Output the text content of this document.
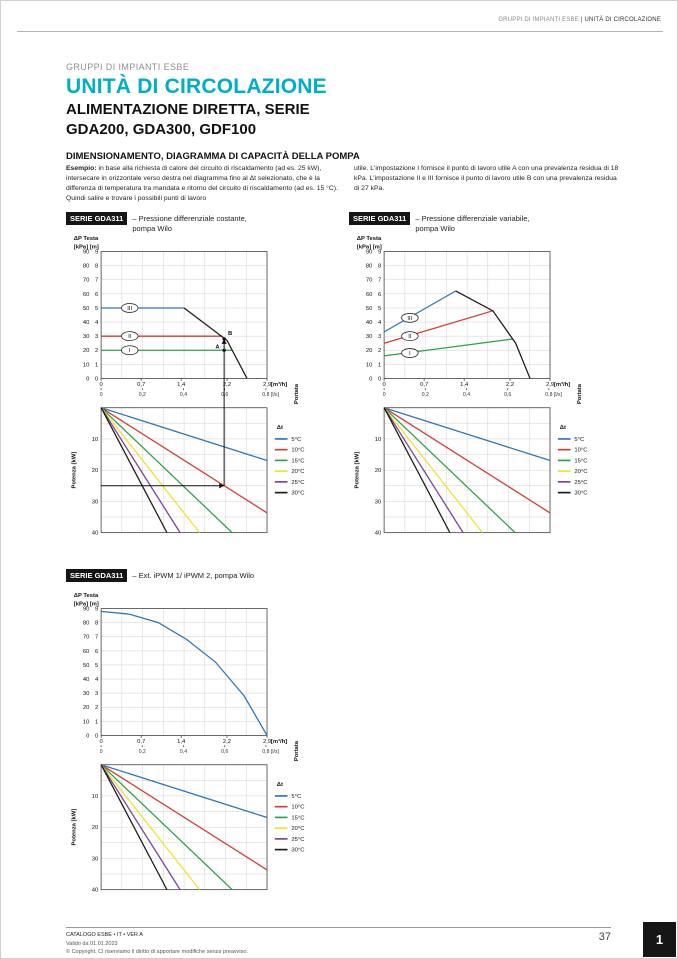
GRUPPI DI IMPIANTI ESBE | UNITÀ DI CIRCOLAZIONE
GRUPPI DI IMPIANTI ESBE
UNITÀ DI CIRCOLAZIONE
ALIMENTAZIONE DIRETTA, SERIE
GDA200, GDA300, GDF100
DIMENSIONAMENTO, DIAGRAMMA DI CAPACITÀ DELLA POMPA
Esempio: in base alla richiesta di calore del circuito di riscaldamento (ad es. 25 kW), intersecare in orizzontale verso destra nel diagramma fino al Δt selezionato, che è la differenza di temperatura tra mandata e ritorno del circuito di riscaldamento (ad es. 15 °C). Quindi salire e trovare i possibili punti di lavoro
utile. L'impostazione I fornisce il punto di lavoro utile A con una prevalenza residua di 18 kPa. L'impostazione II e III fornisce il punto di lavoro utile B con una prevalenza residua di 27 kPa.
SERIE GDA311	– Pressione differenziale costante,
pompa Wilo
ΔP Testa
[kPa] [m]
90
80
70
60
50
40
30
20
10
0
9
8
7
6
5
4
3
2
1
0
0	0,7	1,4	2,2	2,9 [m³/h]
0	0,2	0,4	0,6	0,8 [l/s]	Portata
III
II
I
10
20
30
40
Potenza [kW]
Δt
5°C
10°C
15°C
20°C
25°C
30°C
A
B
SERIE GDA311	– Pressione differenziale variabile,
pompa Wilo
ΔP Testa
[kPa] [m]
90
80
70
60
50
40
30
20
10
0
9
8
7
6
5
4
3
2
1
0
0	0,7	1,4	2,2	2,9 [m³/h]
0	0,2	0,4	0,6	0,8 [l/s]	Portata
III
II
I
10
20
30
40
Potenza [kW]
Δt
5°C
10°C
15°C
20°C
25°C
30°C
SERIE GDA311	– Ext. iPWM 1/ iPWM 2, pompa Wilo
ΔP Testa
[kPa] [m]
90
80
70
60
50
40
30
20
10
0
9
8
7
6
5
4
3
2
1
0
0	0,7	1,4	2,2	2,9 [m³/h]
0	0,2	0,4	0,6	0,8 [l/s]	Portata
10
20
30
40
Potenza [kW]
Δt
5°C
10°C
15°C
20°C
25°C
30°C
CATALOGO ESBE • IT • VER A
Valido da 01.01.2023
© Copyright. Ci riserviamo il diritto di apportare modifiche senza preavviso.
37	1
